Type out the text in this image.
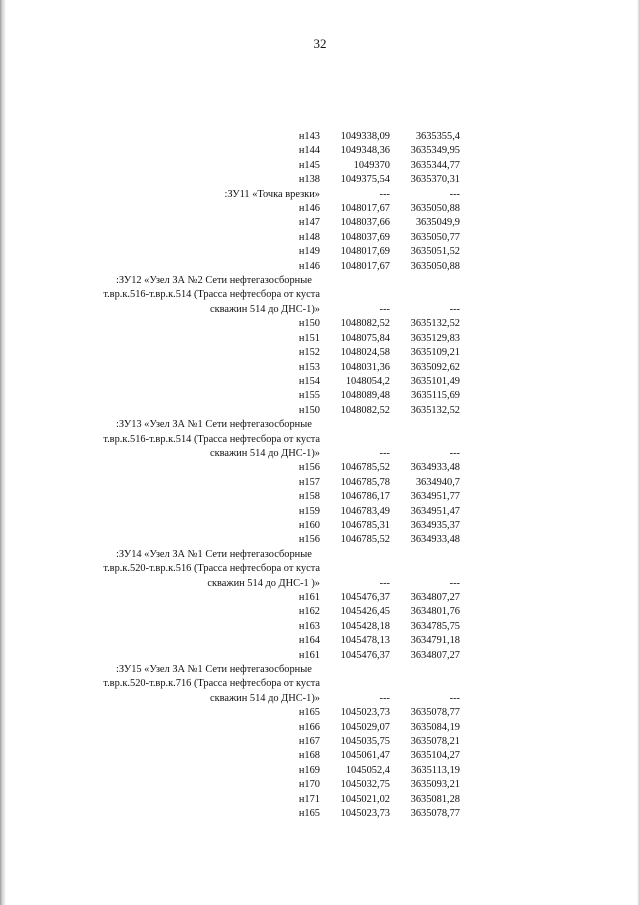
32
н143	1049338,09	3635355,4
н144	1049348,36	3635349,95
н145	1049370	3635344,77
н138	1049375,54	3635370,31
:ЗУ11 «Точка врезки»	---	---
н146	1048017,67	3635050,88
н147	1048037,66	3635049,9
н148	1048037,69	3635050,77
н149	1048017,69	3635051,52
н146	1048017,67	3635050,88
:ЗУ12 «Узел ЗА №2 Сети нефтегазосборные
т.вр.к.516-т.вр.к.514 (Трасса нефтесбора от куста
скважин 514 до ДНС-1)»	---	---
н150	1048082,52	3635132,52
н151	1048075,84	3635129,83
н152	1048024,58	3635109,21
н153	1048031,36	3635092,62
н154	1048054,2	3635101,49
н155	1048089,48	3635115,69
н150	1048082,52	3635132,52
:ЗУ13 «Узел ЗА №1 Сети нефтегазосборные
т.вр.к.516-т.вр.к.514 (Трасса нефтесбора от куста
скважин 514 до ДНС-1)»	---	---
н156	1046785,52	3634933,48
н157	1046785,78	3634940,7
н158	1046786,17	3634951,77
н159	1046783,49	3634951,47
н160	1046785,31	3634935,37
н156	1046785,52	3634933,48
:ЗУ14 «Узел ЗА №1 Сети нефтегазосборные
т.вр.к.520-т.вр.к.516 (Трасса нефтесбора от куста
скважин 514 до ДНС-1 )»	---	---
н161	1045476,37	3634807,27
н162	1045426,45	3634801,76
н163	1045428,18	3634785,75
н164	1045478,13	3634791,18
н161	1045476,37	3634807,27
:ЗУ15 «Узел ЗА №1 Сети нефтегазосборные
т.вр.к.520-т.вр.к.716 (Трасса нефтесбора от куста
скважин 514 до ДНС-1)»	---	---
н165	1045023,73	3635078,77
н166	1045029,07	3635084,19
н167	1045035,75	3635078,21
н168	1045061,47	3635104,27
н169	1045052,4	3635113,19
н170	1045032,75	3635093,21
н171	1045021,02	3635081,28
н165	1045023,73	3635078,77
